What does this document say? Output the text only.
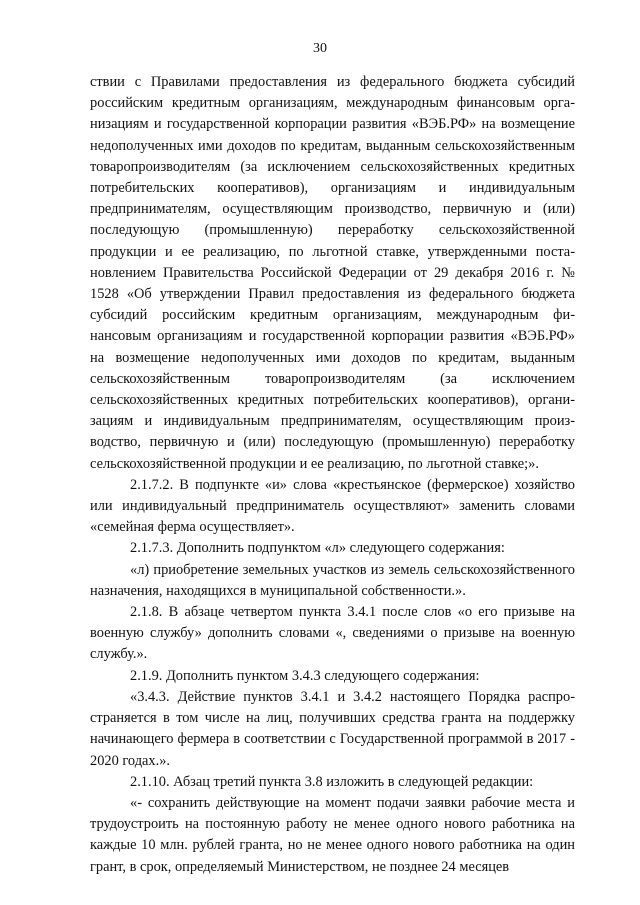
30

ствии с Правилами предоставления из федерального бюджета субсидий российским кредитным организациям, международным финансовым организациям и государственной корпорации развития «ВЭБ.РФ» на возмещение недополученных ими доходов по кредитам, выданным сельскохозяйственным товаропроизводителям (за исключением сельскохозяйственных кредитных потребительских кооперативов), организациям и индивидуальным предпринимателям, осуществляющим производство, первичную и (или) последующую (промышленную) переработку сельскохозяйственной продукции и ее реализацию, по льготной ставке, утвержденными постановлением Правительства Российской Федерации от 29 декабря 2016 г. № 1528 «Об утверждении Правил предоставления из федерального бюджета субсидий российским кредитным организациям, международным финансовым организациям и государственной корпорации развития «ВЭБ.РФ» на возмещение недополученных ими доходов по кредитам, выданным сельскохозяйственным товаропроизводителям (за исключением сельскохозяйственных кредитных потребительских кооперативов), организациям и индивидуальным предпринимателям, осуществляющим производство, первичную и (или) последующую (промышленную) переработку сельскохозяйственной продукции и ее реализацию, по льготной ставке;».

2.1.7.2. В подпункте «и» слова «крестьянское (фермерское) хозяйство или индивидуальный предприниматель осуществляют» заменить словами «семейная ферма осуществляет».

2.1.7.3. Дополнить подпунктом «л» следующего содержания:

«л) приобретение земельных участков из земель сельскохозяйственного назначения, находящихся в муниципальной собственности.».

2.1.8. В абзаце четвертом пункта 3.4.1 после слов «о его призыве на военную службу» дополнить словами «, сведениями о призыве на военную службу.».

2.1.9. Дополнить пунктом 3.4.3 следующего содержания:

«3.4.3. Действие пунктов 3.4.1 и 3.4.2 настоящего Порядка распространяется в том числе на лиц, получивших средства гранта на поддержку начинающего фермера в соответствии с Государственной программой в 2017 - 2020 годах.».

2.1.10. Абзац третий пункта 3.8 изложить в следующей редакции:

«- сохранить действующие на момент подачи заявки рабочие места и трудоустроить на постоянную работу не менее одного нового работника на каждые 10 млн. рублей гранта, но не менее одного нового работника на один грант, в срок, определяемый Министерством, не позднее 24 месяцев
